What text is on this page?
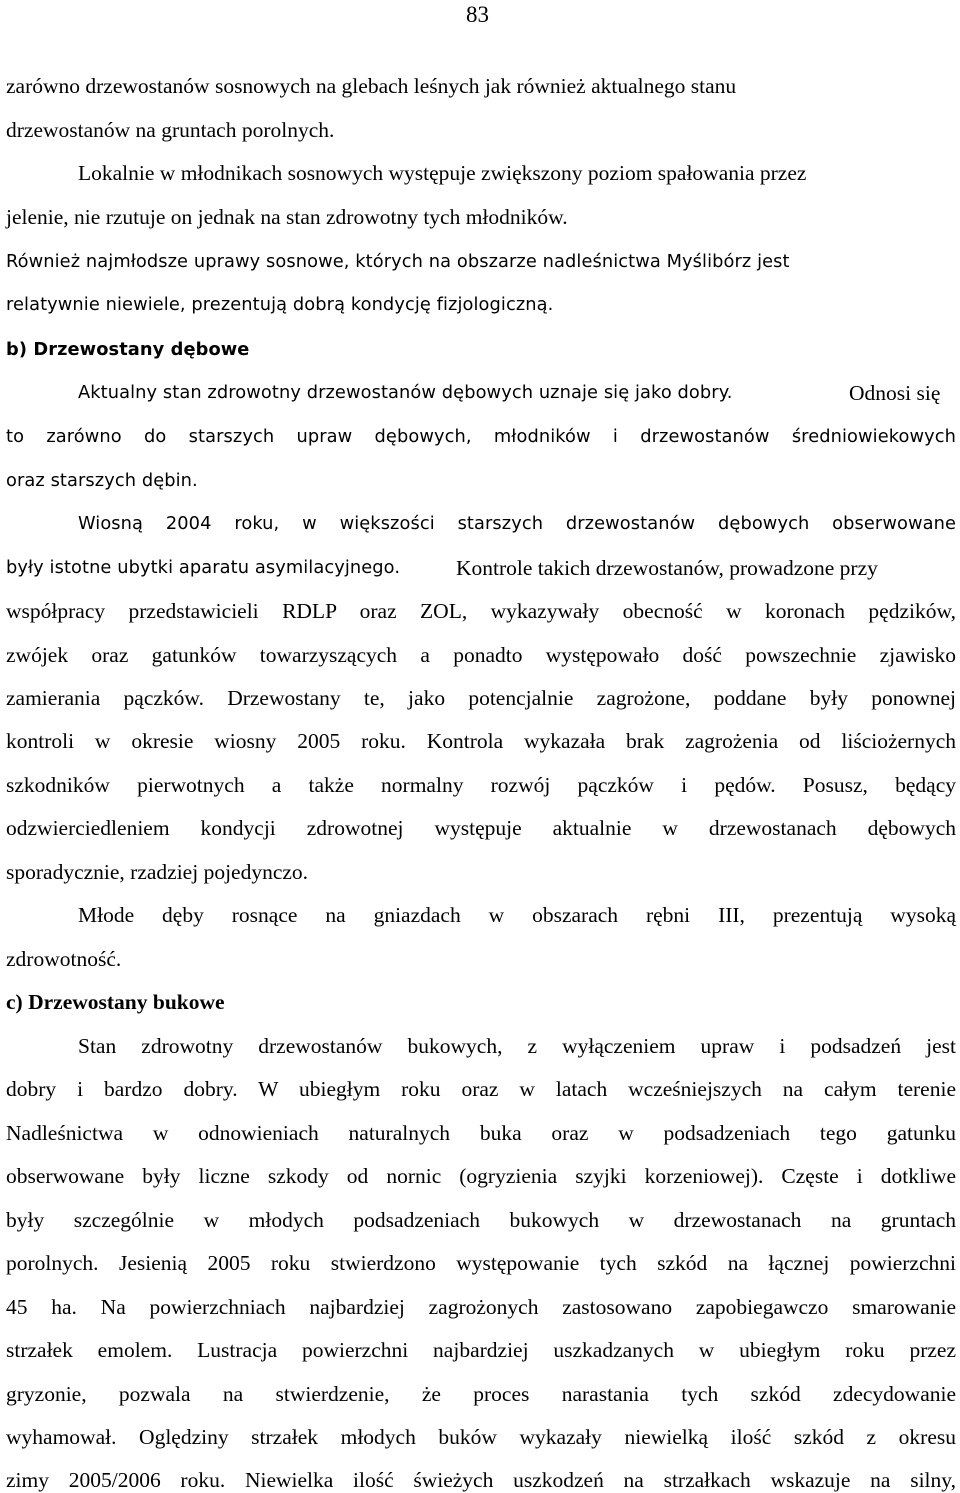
83
zarówno drzewostanów sosnowych na glebach leśnych jak również aktualnego stanu
drzewostanów na gruntach porolnych.
Lokalnie w młodnikach sosnowych występuje zwiększony poziom spałowania przez
jelenie, nie rzutuje on jednak na stan zdrowotny tych młodników.
Również najmłodsze uprawy sosnowe, których na obszarze nadleśnictwa Myślibórz jest
relatywnie niewiele, prezentują dobrą kondycję fizjologiczną.
b) Drzewostany dębowe
Aktualny stan zdrowotny drzewostanów dębowych uznaje się jako dobry.	Odnosi się
to zarówno do starszych upraw dębowych, młodników i drzewostanów średniowiekowych
oraz starszych dębin.
Wiosną 2004 roku, w większości starszych drzewostanów dębowych obserwowane
były istotne ubytki aparatu asymilacyjnego.	Kontrole takich drzewostanów, prowadzone przy
współpracy przedstawicieli RDLP oraz ZOL, wykazywały obecność w koronach pędzików,
zwójek oraz gatunków towarzyszących a ponadto występowało dość powszechnie zjawisko
zamierania pączków. Drzewostany te, jako potencjalnie zagrożone, poddane były ponownej
kontroli w okresie wiosny 2005 roku. Kontrola wykazała brak zagrożenia od liściożernych
szkodników pierwotnych a także normalny rozwój pączków i pędów. Posusz, będący
odzwierciedleniem kondycji zdrowotnej występuje aktualnie w drzewostanach dębowych
sporadycznie, rzadziej pojedynczo.
Młode dęby rosnące na gniazdach w obszarach rębni III, prezentują wysoką
zdrowotność.
c) Drzewostany bukowe
Stan zdrowotny drzewostanów bukowych, z wyłączeniem upraw i podsadzeń jest
dobry i bardzo dobry. W ubiegłym roku oraz w latach wcześniejszych na całym terenie
Nadleśnictwa w odnowieniach naturalnych buka oraz w podsadzeniach tego gatunku
obserwowane były liczne szkody od nornic (ogryzienia szyjki korzeniowej). Częste i dotkliwe
były szczególnie w młodych podsadzeniach bukowych w drzewostanach na gruntach
porolnych. Jesienią 2005 roku stwierdzono występowanie tych szkód na łącznej powierzchni
45 ha. Na powierzchniach najbardziej zagrożonych zastosowano zapobiegawczo smarowanie
strzałek emolem. Lustracja powierzchni najbardziej uszkadzanych w ubiegłym roku przez
gryzonie, pozwala na stwierdzenie, że proces narastania tych szkód zdecydowanie
wyhamował. Oględziny strzałek młodych buków wykazały niewielką ilość szkód z okresu
zimy 2005/2006 roku. Niewielka ilość świeżych uszkodzeń na strzałkach wskazuje na silny,
